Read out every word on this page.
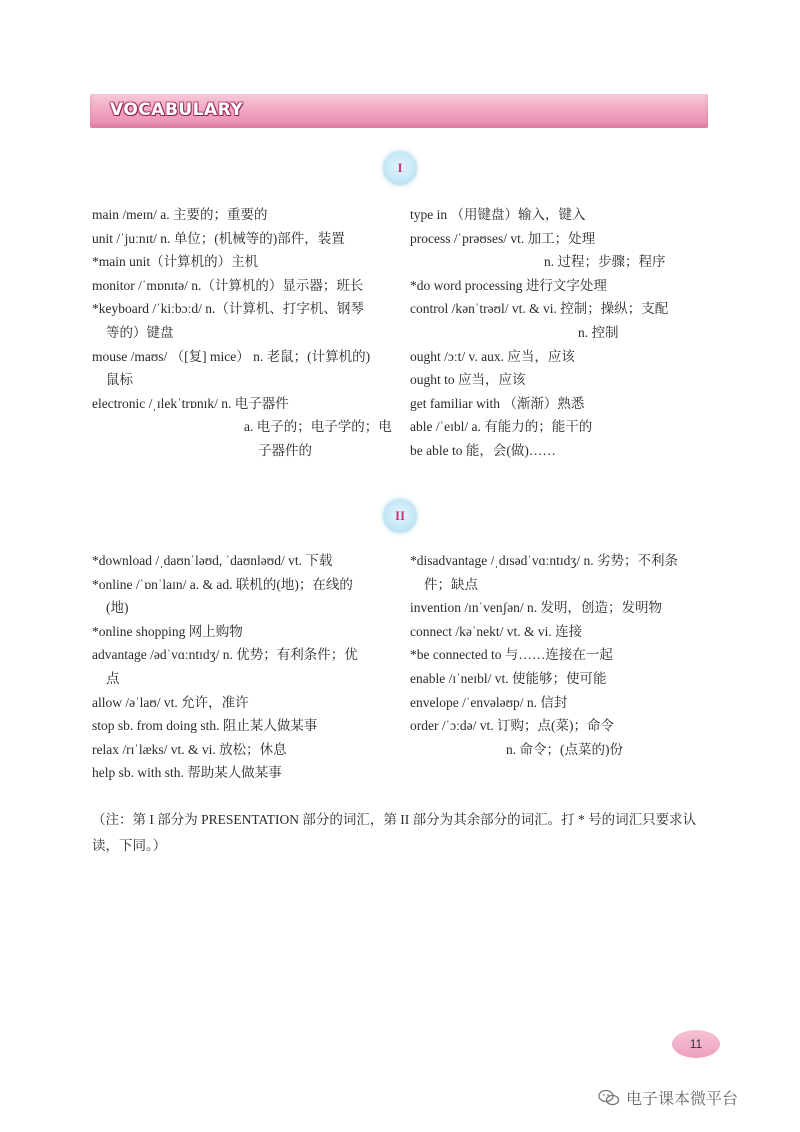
VOCABULARY
I
main /meɪn/ a. 主要的；重要的
unit /ˈjuːnɪt/ n. 单位；(机械等的)部件，装置
*main unit（计算机的）主机
monitor /ˈmɒnɪtə/ n.（计算机的）显示器；班长
*keyboard /ˈkiːbɔːd/ n.（计算机、打字机、钢琴
等的）键盘
mouse /maʊs/ （[复] mice） n. 老鼠；(计算机的)
鼠标
electronic /ˌɪlekˈtrɒnɪk/ n. 电子器件
a. 电子的；电子学的；电
子器件的
type in （用键盘）输入，键入
process /ˈprəʊses/ vt. 加工；处理
n. 过程；步骤；程序
*do word processing 进行文字处理
control /kənˈtrəʊl/ vt. & vi. 控制；操纵；支配
n. 控制
ought /ɔːt/ v. aux. 应当，应该
ought to 应当，应该
get familiar with （渐渐）熟悉
able /ˈeɪbl/ a. 有能力的；能干的
be able to 能，会(做)……
II
*download /ˌdaʊnˈləʊd, ˈdaʊnləʊd/ vt. 下载
*online /ˈɒnˈlaɪn/ a. & ad. 联机的(地)；在线的
(地)
*online shopping 网上购物
advantage /ədˈvɑːntɪdʒ/ n. 优势；有利条件；优
点
allow /əˈlaʊ/ vt. 允许，准许
stop sb. from doing sth. 阻止某人做某事
relax /rɪˈlæks/ vt. & vi. 放松；休息
help sb. with sth. 帮助某人做某事
*disadvantage /ˌdɪsədˈvɑːntɪdʒ/ n. 劣势；不利条
件；缺点
invention /ɪnˈvenʃən/ n. 发明，创造；发明物
connect /kəˈnekt/ vt. & vi. 连接
*be connected to 与……连接在一起
enable /ɪˈneɪbl/ vt. 使能够；使可能
envelope /ˈenvələʊp/ n. 信封
order /ˈɔːdə/ vt. 订购；点(菜)；命令
n. 命令；(点菜的)份
（注：第 I 部分为 PRESENTATION 部分的词汇，第 II 部分为其余部分的词汇。打 * 号的词汇只要求认读，下同。）
11
电子课本微平台
